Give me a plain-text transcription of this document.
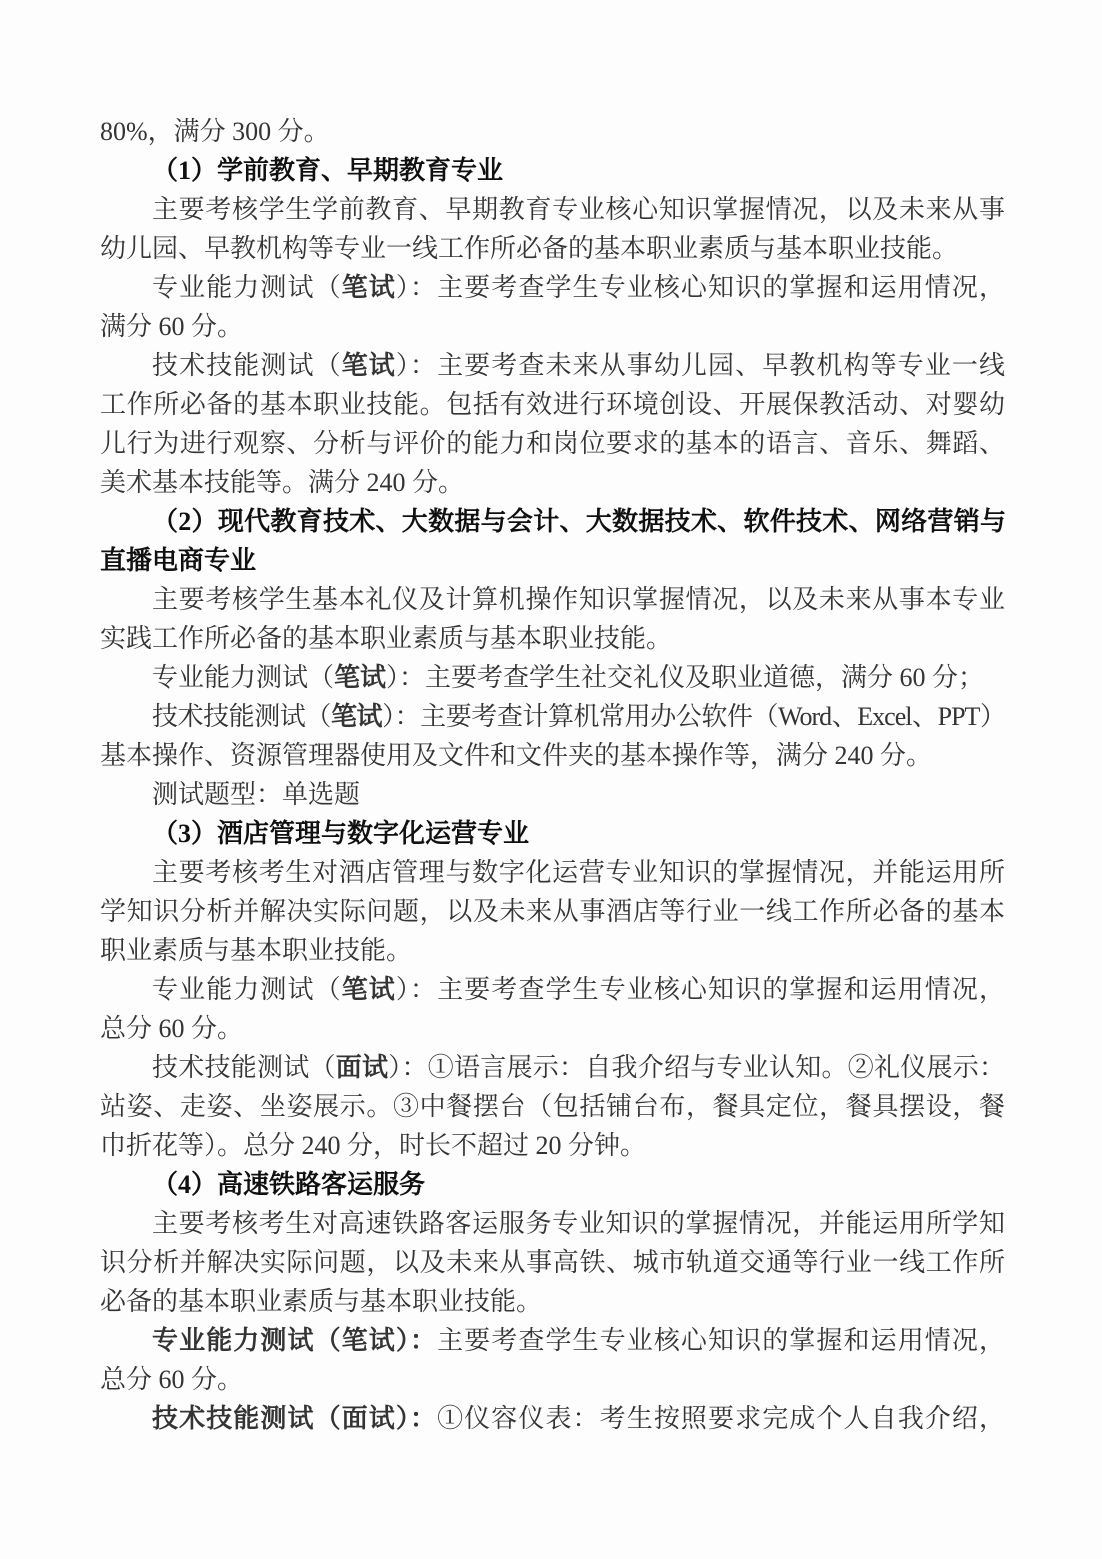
80%，满分 300 分。

（1）学前教育、早期教育专业

主要考核学生学前教育、早期教育专业核心知识掌握情况，以及未来从事

幼儿园、早教机构等专业一线工作所必备的基本职业素质与基本职业技能。

专业能力测试（笔试）：主要考查学生专业核心知识的掌握和运用情况，

满分 60 分。

技术技能测试（笔试）：主要考查未来从事幼儿园、早教机构等专业一线

工作所必备的基本职业技能。包括有效进行环境创设、开展保教活动、对婴幼

儿行为进行观察、分析与评价的能力和岗位要求的基本的语言、音乐、舞蹈、

美术基本技能等。满分 240 分。

（2）现代教育技术、大数据与会计、大数据技术、软件技术、网络营销与

直播电商专业

主要考核学生基本礼仪及计算机操作知识掌握情况，以及未来从事本专业

实践工作所必备的基本职业素质与基本职业技能。

专业能力测试（笔试）：主要考查学生社交礼仪及职业道德，满分 60 分；

技术技能测试（笔试）：主要考查计算机常用办公软件（Word、Excel、PPT）

基本操作、资源管理器使用及文件和文件夹的基本操作等，满分 240 分。

测试题型：单选题

（3）酒店管理与数字化运营专业

主要考核考生对酒店管理与数字化运营专业知识的掌握情况，并能运用所

学知识分析并解决实际问题，以及未来从事酒店等行业一线工作所必备的基本

职业素质与基本职业技能。

专业能力测试（笔试）：主要考查学生专业核心知识的掌握和运用情况，

总分 60 分。

技术技能测试（面试）：①语言展示：自我介绍与专业认知。②礼仪展示：

站姿、走姿、坐姿展示。③中餐摆台（包括铺台布，餐具定位，餐具摆设，餐

巾折花等）。总分 240 分，时长不超过 20 分钟。

（4）高速铁路客运服务

主要考核考生对高速铁路客运服务专业知识的掌握情况，并能运用所学知

识分析并解决实际问题，以及未来从事高铁、城市轨道交通等行业一线工作所

必备的基本职业素质与基本职业技能。

专业能力测试（笔试）：主要考查学生专业核心知识的掌握和运用情况，

总分 60 分。

技术技能测试（面试）：①仪容仪表：考生按照要求完成个人自我介绍，
